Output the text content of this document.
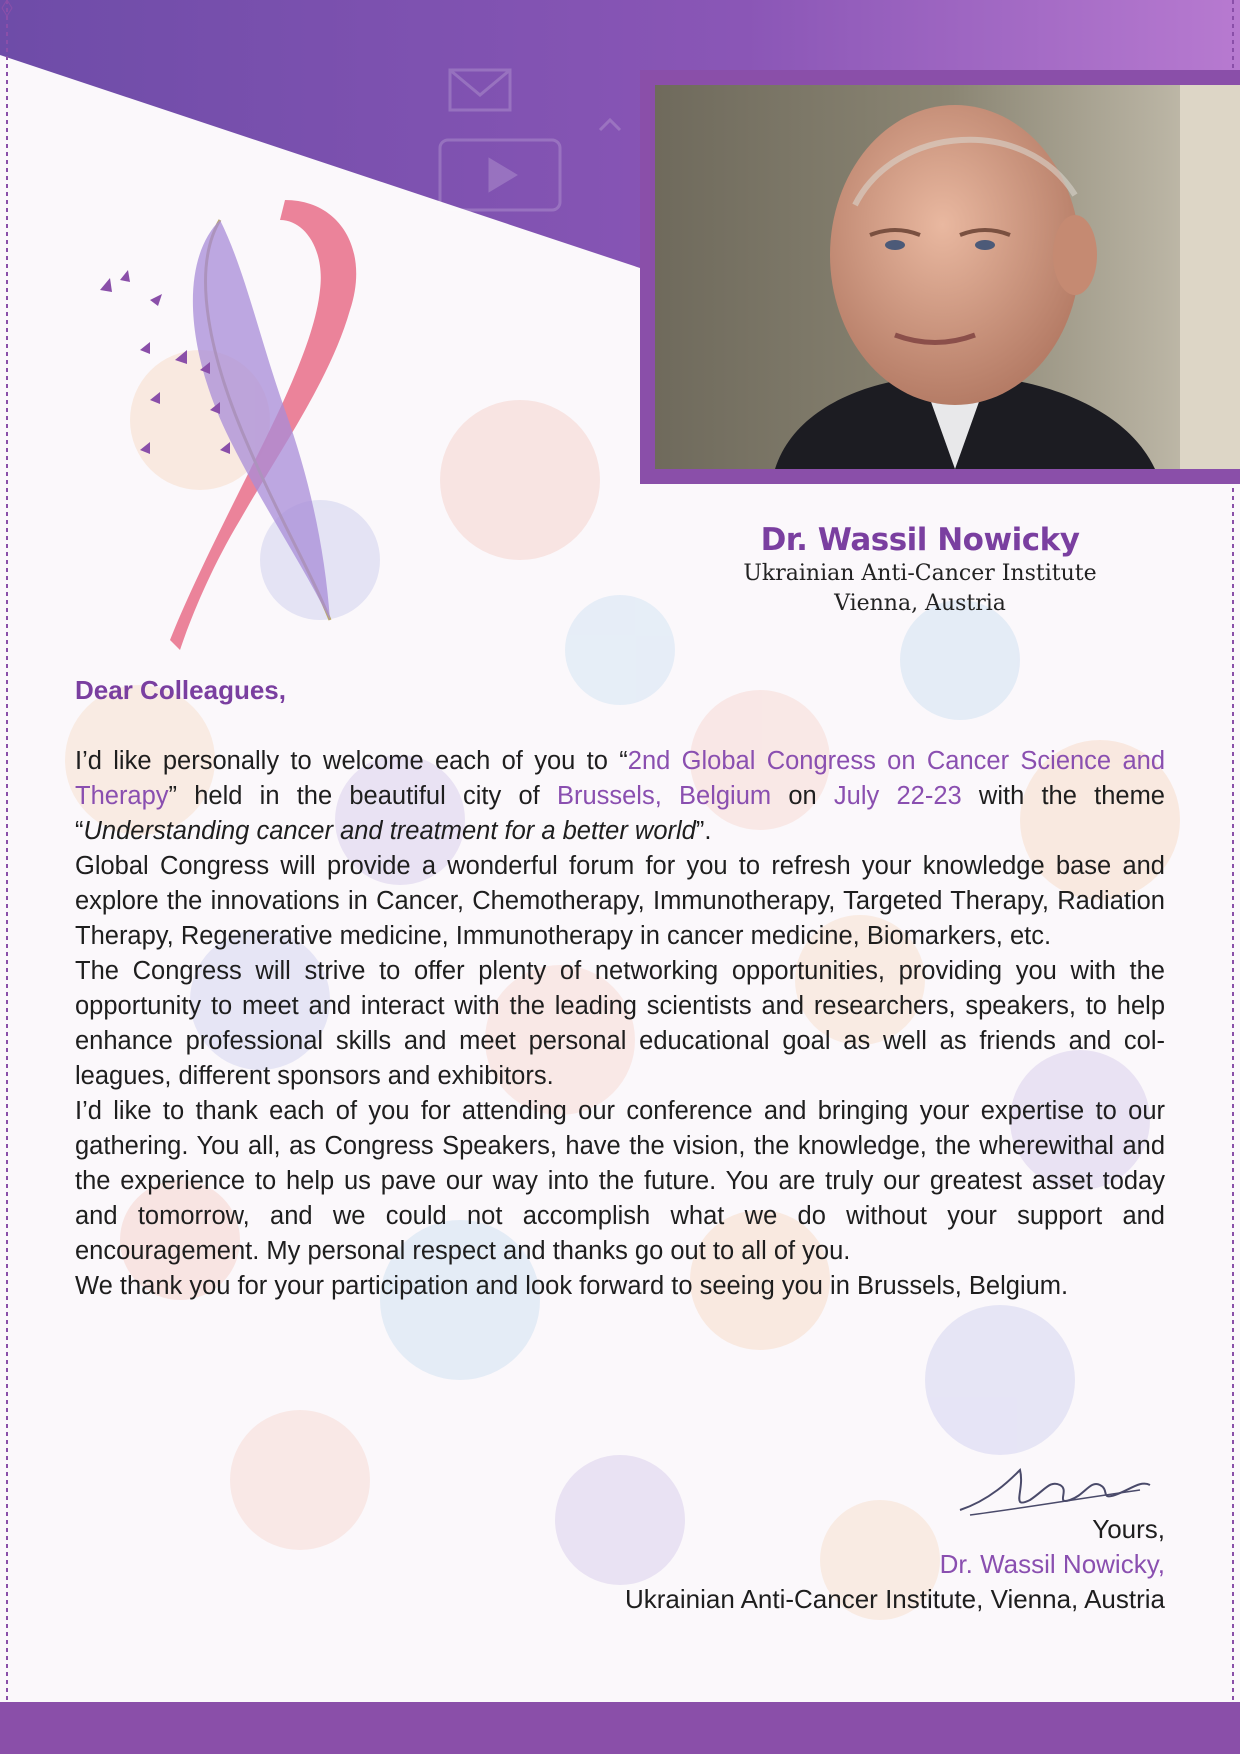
Dr. Wassil Nowicky
Ukrainian Anti-Cancer Institute
Vienna, Austria
Dear Colleagues,

I’d like personally to welcome each of you to “2nd Global Congress on Cancer Science and Therapy” held in the beautiful city of Brussels, Belgium on July 22-23 with the theme “Understanding cancer and treatment for a better world”.

Global Congress will provide a wonderful forum for you to refresh your knowledge base and explore the innovations in Cancer, Chemotherapy, Immunotherapy, Targeted Therapy, Radiation Therapy, Regenerative medicine, Immunotherapy in cancer medicine, Biomarkers, etc.

The Congress will strive to offer plenty of networking opportunities, providing you with the opportunity to meet and interact with the leading scientists and researchers, speakers, to help enhance professional skills and meet personal educational goal as well as friends and col-leagues, different sponsors and exhibitors.

I’d like to thank each of you for attending our conference and bringing your expertise to our gathering. You all, as Congress Speakers, have the vision, the knowledge, the wherewithal and the experience to help us pave our way into the future. You are truly our greatest asset today and tomorrow, and we could not accomplish what we do without your support and encouragement. My personal respect and thanks go out to all of you.

We thank you for your participation and look forward to seeing you in Brussels, Belgium.

Yours,
Dr. Wassil Nowicky,
Ukrainian Anti-Cancer Institute, Vienna, Austria
